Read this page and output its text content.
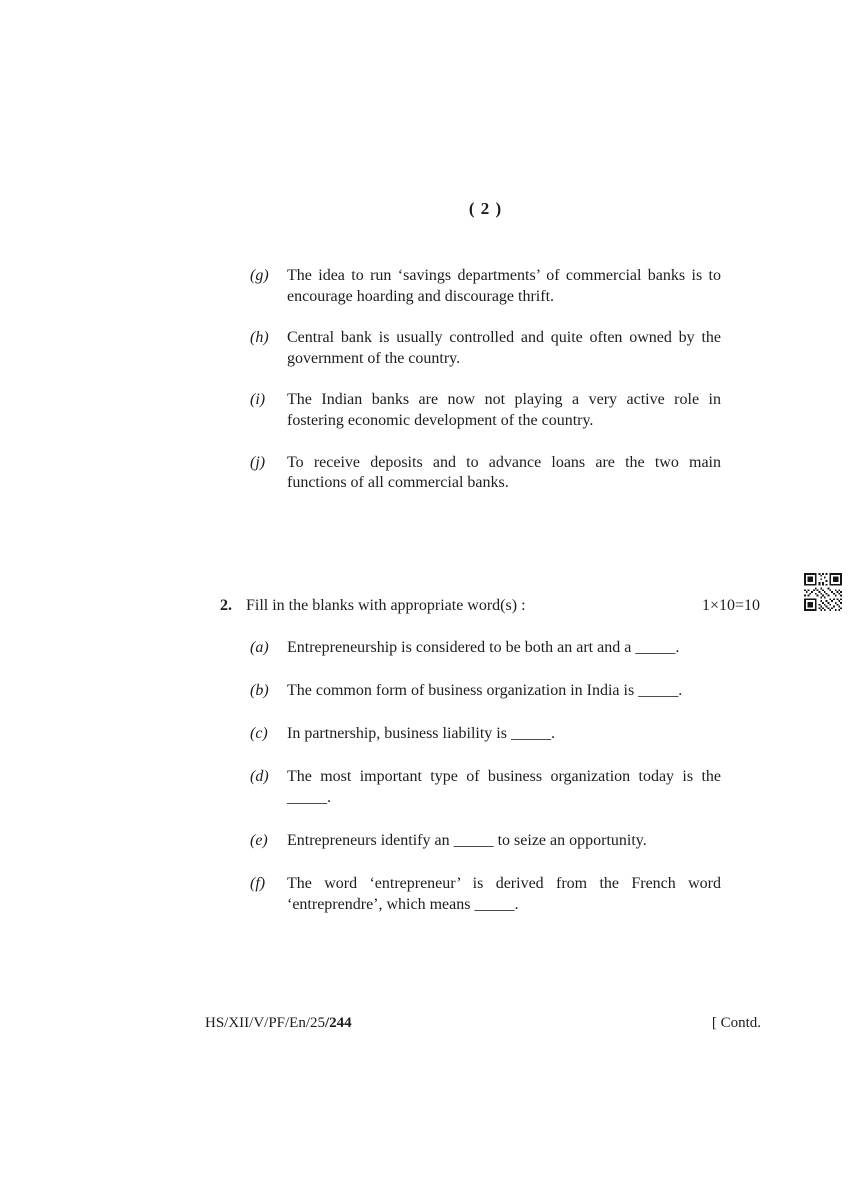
( 2 )
(g)	The idea to run ‘savings departments’ of commercial banks is to encourage hoarding and discourage thrift.

(h)	Central bank is usually controlled and quite often owned by the government of the country.

(i)	The Indian banks are now not playing a very active role in fostering economic development of the country.

(j)	To receive deposits and to advance loans are the two main functions of all commercial banks.

2. Fill in the blanks with appropriate word(s) :	1×10=10
(a)	Entrepreneurship is considered to be both an art and a _____.

(b)	The common form of business organization in India is _____.

(c)	In partnership, business liability is _____.

(d)	The most important type of business organization today is the _____.

(e)	Entrepreneurs identify an _____ to seize an opportunity.

(f)	The word ‘entrepreneur’ is derived from the French word ‘entreprendre’, which means _____.

HS/XII/V/PF/En/25/244	[ Contd.
